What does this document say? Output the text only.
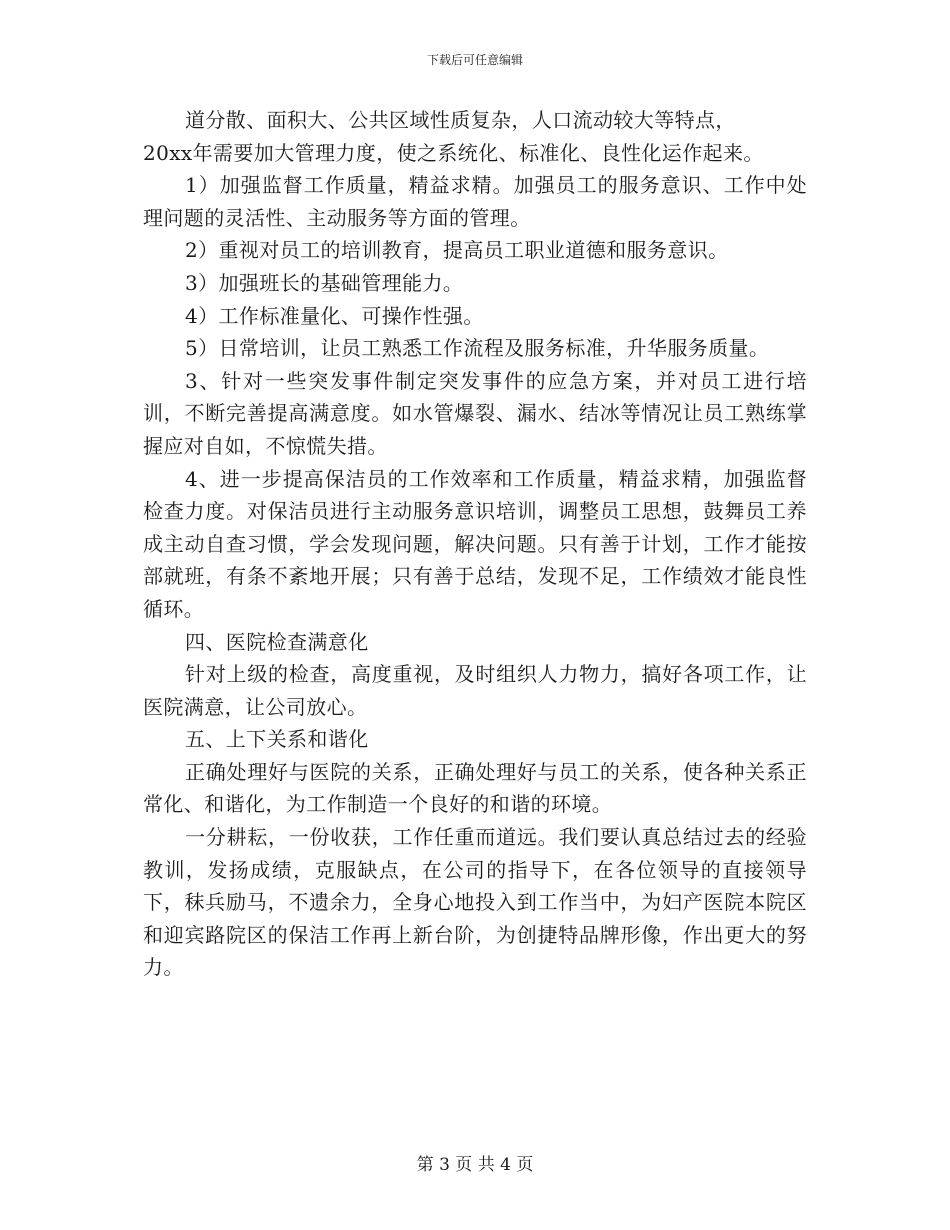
下载后可任意编辑

道分散、面积大、公共区域性质复杂，人口流动较大等特点，

20xx年需要加大管理力度，使之系统化、标准化、良性化运作起来。

1）加强监督工作质量，精益求精。加强员工的服务意识、工作中处理问题的灵活性、主动服务等方面的管理。

2）重视对员工的培训教育，提高员工职业道德和服务意识。

3）加强班长的基础管理能力。

4）工作标准量化、可操作性强。

5）日常培训，让员工熟悉工作流程及服务标准，升华服务质量。

3、针对一些突发事件制定突发事件的应急方案，并对员工进行培训，不断完善提高满意度。如水管爆裂、漏水、结冰等情况让员工熟练掌握应对自如，不惊慌失措。

4、进一步提高保洁员的工作效率和工作质量，精益求精，加强监督检查力度。对保洁员进行主动服务意识培训，调整员工思想，鼓舞员工养成主动自查习惯，学会发现问题，解决问题。只有善于计划，工作才能按部就班，有条不紊地开展；只有善于总结，发现不足，工作绩效才能良性循环。

四、医院检查满意化

针对上级的检查，高度重视，及时组织人力物力，搞好各项工作，让医院满意，让公司放心。

五、上下关系和谐化

正确处理好与医院的关系，正确处理好与员工的关系，使各种关系正常化、和谐化，为工作制造一个良好的和谐的环境。

一分耕耘，一份收获，工作任重而道远。我们要认真总结过去的经验教训，发扬成绩，克服缺点，在公司的指导下，在各位领导的直接领导下，秣兵励马，不遗余力，全身心地投入到工作当中，为妇产医院本院区和迎宾路院区的保洁工作再上新台阶，为创捷特品牌形像，作出更大的努力。

第 3 页 共 4 页
